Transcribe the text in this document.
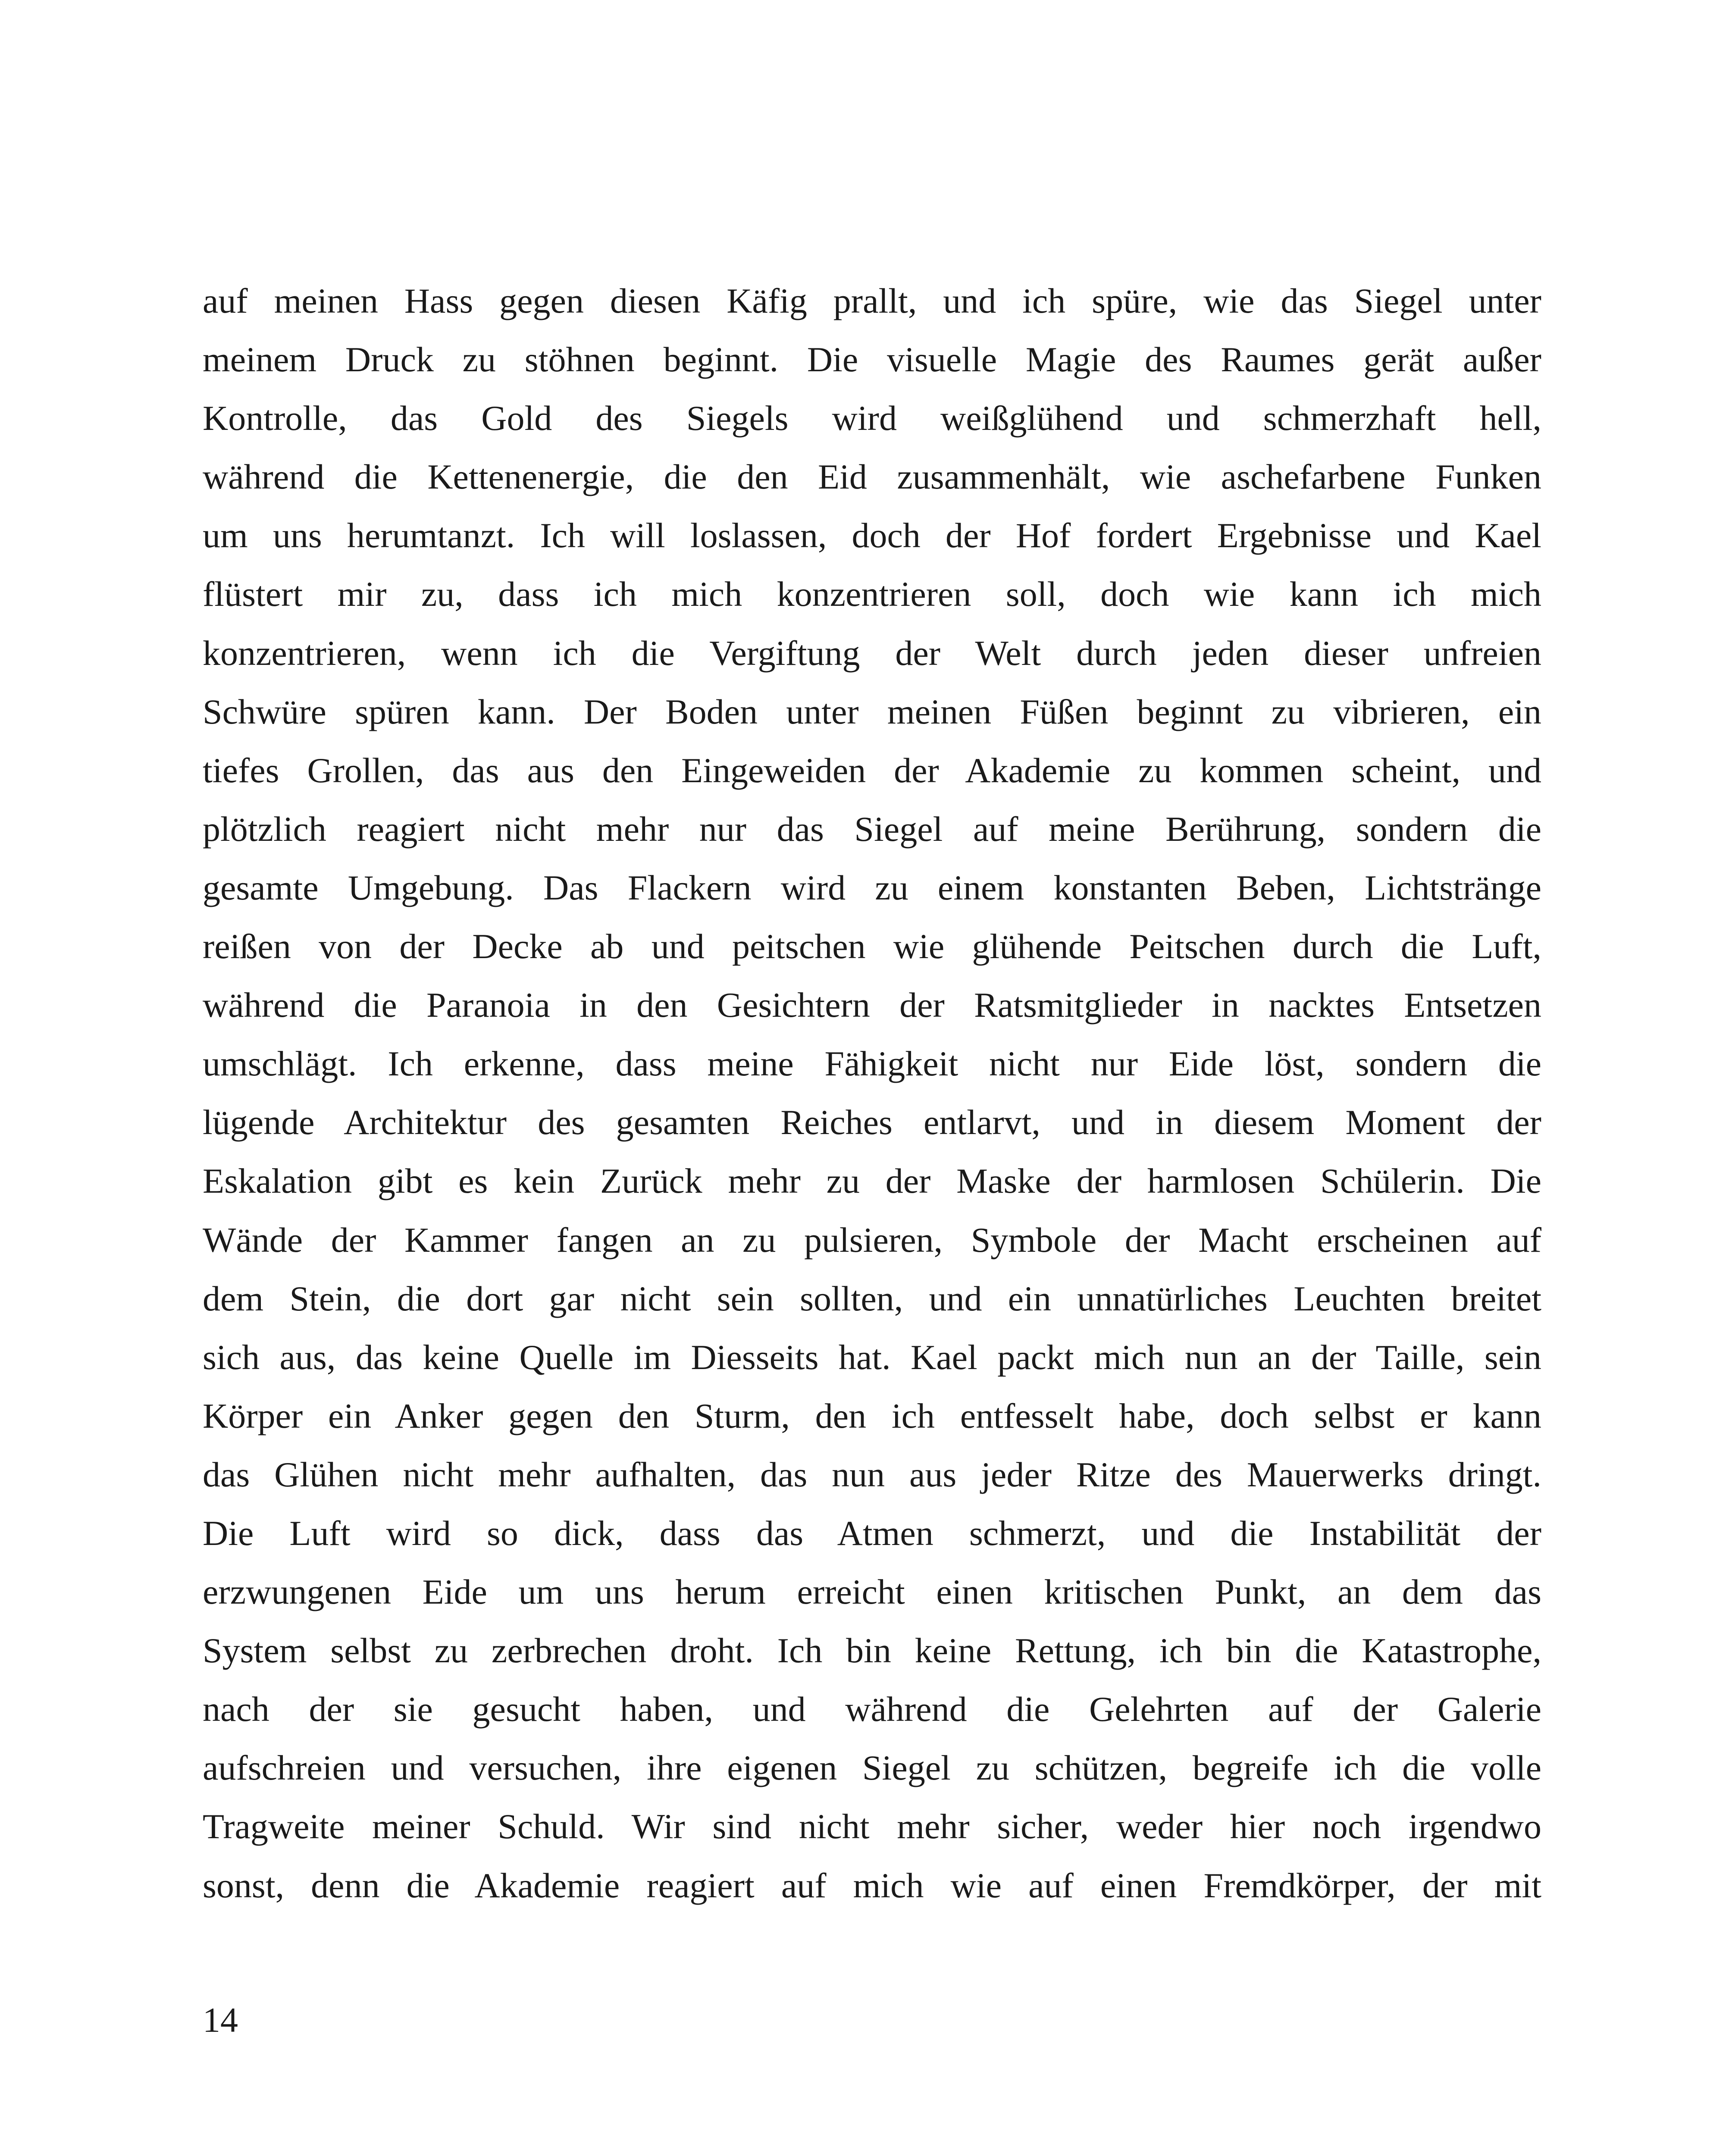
auf meinen Hass gegen diesen Käfig prallt, und ich spüre, wie das Siegel unter
meinem Druck zu stöhnen beginnt. Die visuelle Magie des Raumes gerät außer
Kontrolle, das Gold des Siegels wird weißglühend und schmerzhaft hell,
während die Kettenenergie, die den Eid zusammenhält, wie aschefarbene Funken
um uns herumtanzt. Ich will loslassen, doch der Hof fordert Ergebnisse und Kael
flüstert mir zu, dass ich mich konzentrieren soll, doch wie kann ich mich
konzentrieren, wenn ich die Vergiftung der Welt durch jeden dieser unfreien
Schwüre spüren kann. Der Boden unter meinen Füßen beginnt zu vibrieren, ein
tiefes Grollen, das aus den Eingeweiden der Akademie zu kommen scheint, und
plötzlich reagiert nicht mehr nur das Siegel auf meine Berührung, sondern die
gesamte Umgebung. Das Flackern wird zu einem konstanten Beben, Lichtstränge
reißen von der Decke ab und peitschen wie glühende Peitschen durch die Luft,
während die Paranoia in den Gesichtern der Ratsmitglieder in nacktes Entsetzen
umschlägt. Ich erkenne, dass meine Fähigkeit nicht nur Eide löst, sondern die
lügende Architektur des gesamten Reiches entlarvt, und in diesem Moment der
Eskalation gibt es kein Zurück mehr zu der Maske der harmlosen Schülerin. Die
Wände der Kammer fangen an zu pulsieren, Symbole der Macht erscheinen auf
dem Stein, die dort gar nicht sein sollten, und ein unnatürliches Leuchten breitet
sich aus, das keine Quelle im Diesseits hat. Kael packt mich nun an der Taille, sein
Körper ein Anker gegen den Sturm, den ich entfesselt habe, doch selbst er kann
das Glühen nicht mehr aufhalten, das nun aus jeder Ritze des Mauerwerks dringt.
Die Luft wird so dick, dass das Atmen schmerzt, und die Instabilität der
erzwungenen Eide um uns herum erreicht einen kritischen Punkt, an dem das
System selbst zu zerbrechen droht. Ich bin keine Rettung, ich bin die Katastrophe,
nach der sie gesucht haben, und während die Gelehrten auf der Galerie
aufschreien und versuchen, ihre eigenen Siegel zu schützen, begreife ich die volle
Tragweite meiner Schuld. Wir sind nicht mehr sicher, weder hier noch irgendwo
sonst, denn die Akademie reagiert auf mich wie auf einen Fremdkörper, der mit
14
